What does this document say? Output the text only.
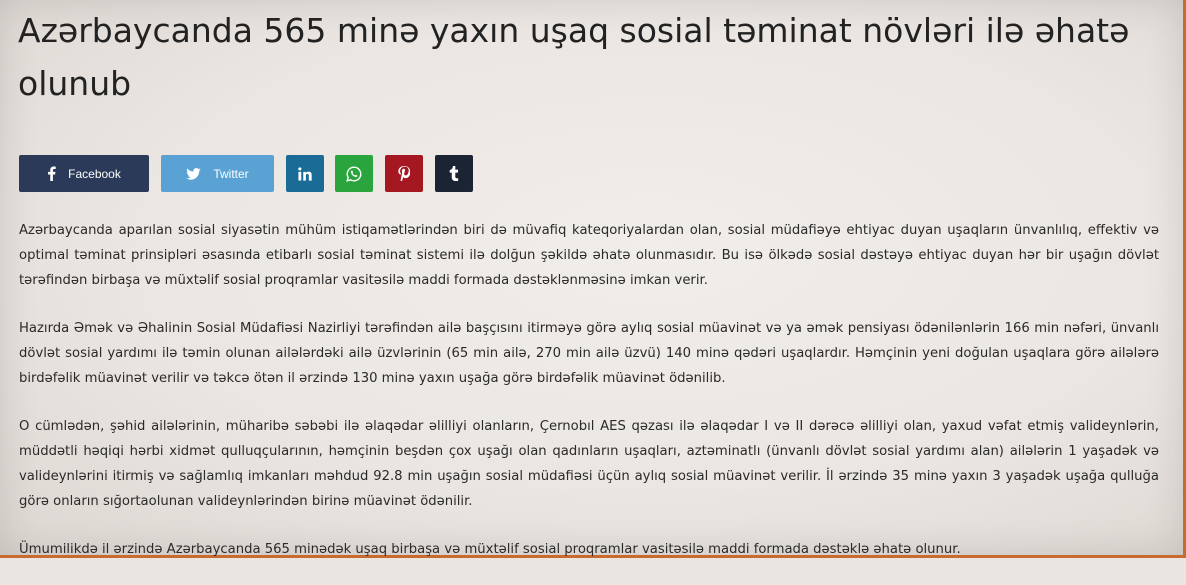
Azərbaycanda 565 minə yaxın uşaq sosial təminat növləri ilə əhatə olunub
Facebook	Twitter

Azərbaycanda aparılan sosial siyasətin mühüm istiqamətlərindən biri də müvafiq kateqoriyalardan olan, sosial müdafiəyə ehtiyac duyan uşaqların ünvanlılıq, effektiv və optimal təminat prinsipləri əsasında etibarlı sosial təminat sistemi ilə dolğun şəkildə əhatə olunmasıdır. Bu isə ölkədə sosial dəstəyə ehtiyac duyan hər bir uşağın dövlət tərəfindən birbaşa və müxtəlif sosial proqramlar vasitəsilə maddi formada dəstəklənməsinə imkan verir.

Hazırda Əmək və Əhalinin Sosial Müdafiəsi Nazirliyi tərəfindən ailə başçısını itirməyə görə aylıq sosial müavinət və ya əmək pensiyası ödənilənlərin 166 min nəfəri, ünvanlı dövlət sosial yardımı ilə təmin olunan ailələrdəki ailə üzvlərinin (65 min ailə, 270 min ailə üzvü) 140 minə qədəri uşaqlardır. Həmçinin yeni doğulan uşaqlara görə ailələrə birdəfəlik müavinət verilir və təkcə ötən il ərzində 130 minə yaxın uşağa görə birdəfəlik müavinət ödənilib.

O cümlədən, şəhid ailələrinin, müharibə səbəbi ilə əlaqədar əlilliyi olanların, Çernobıl AES qəzası ilə əlaqədar I və II dərəcə əlilliyi olan, yaxud vəfat etmiş valideynlərin, müddətli həqiqi hərbi xidmət qulluqçularının, həmçinin beşdən çox uşağı olan qadınların uşaqları, aztəminatlı (ünvanlı dövlət sosial yardımı alan) ailələrin 1 yaşadək və valideynlərini itirmiş və sağlamlıq imkanları məhdud 92.8 min uşağın sosial müdafiəsi üçün aylıq sosial müavinət verilir. İl ərzində 35 minə yaxın 3 yaşadək uşağa qulluğa görə onların sığortaolunan valideynlərindən birinə müavinət ödənilir.

Ümumilikdə il ərzində Azərbaycanda 565 minədək uşaq birbaşa və müxtəlif sosial proqramlar vasitəsilə maddi formada dəstəklə əhatə olunur.
